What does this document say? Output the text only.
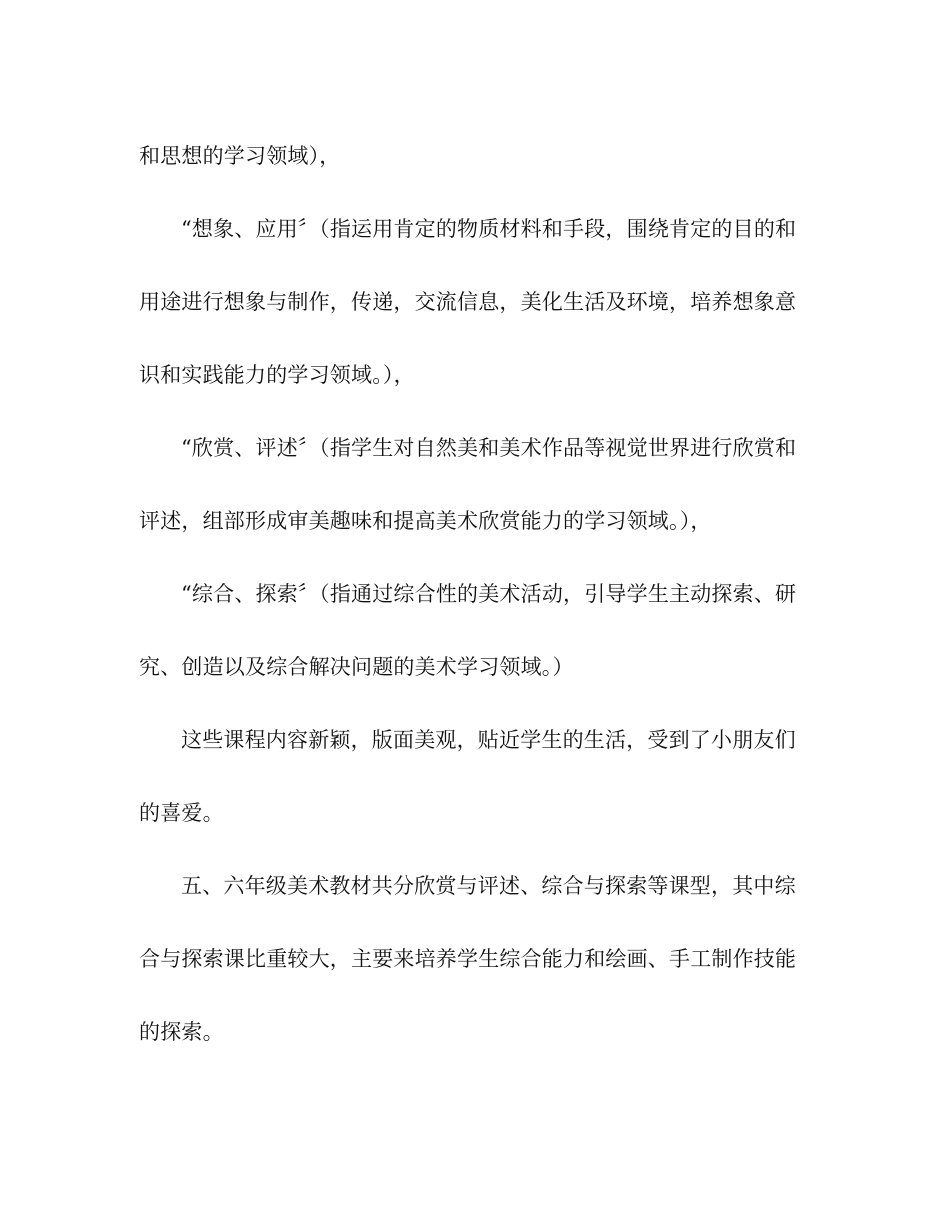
和思想的学习领域），
“想象、应用〞（指运用肯定的物质材料和手段，围绕肯定的目的和
用途进行想象与制作，传递，交流信息，美化生活及环境，培养想象意
识和实践能力的学习领域。），
“欣赏、评述〞（指学生对自然美和美术作品等视觉世界进行欣赏和
评述，组部形成审美趣味和提高美术欣赏能力的学习领域。），
“综合、探索〞（指通过综合性的美术活动，引导学生主动探索、研
究、创造以及综合解决问题的美术学习领域。）
这些课程内容新颖，版面美观，贴近学生的生活，受到了小朋友们
的喜爱。
五、六年级美术教材共分欣赏与评述、综合与探索等课型，其中综
合与探索课比重较大，主要来培养学生综合能力和绘画、手工制作技能
的探索。
